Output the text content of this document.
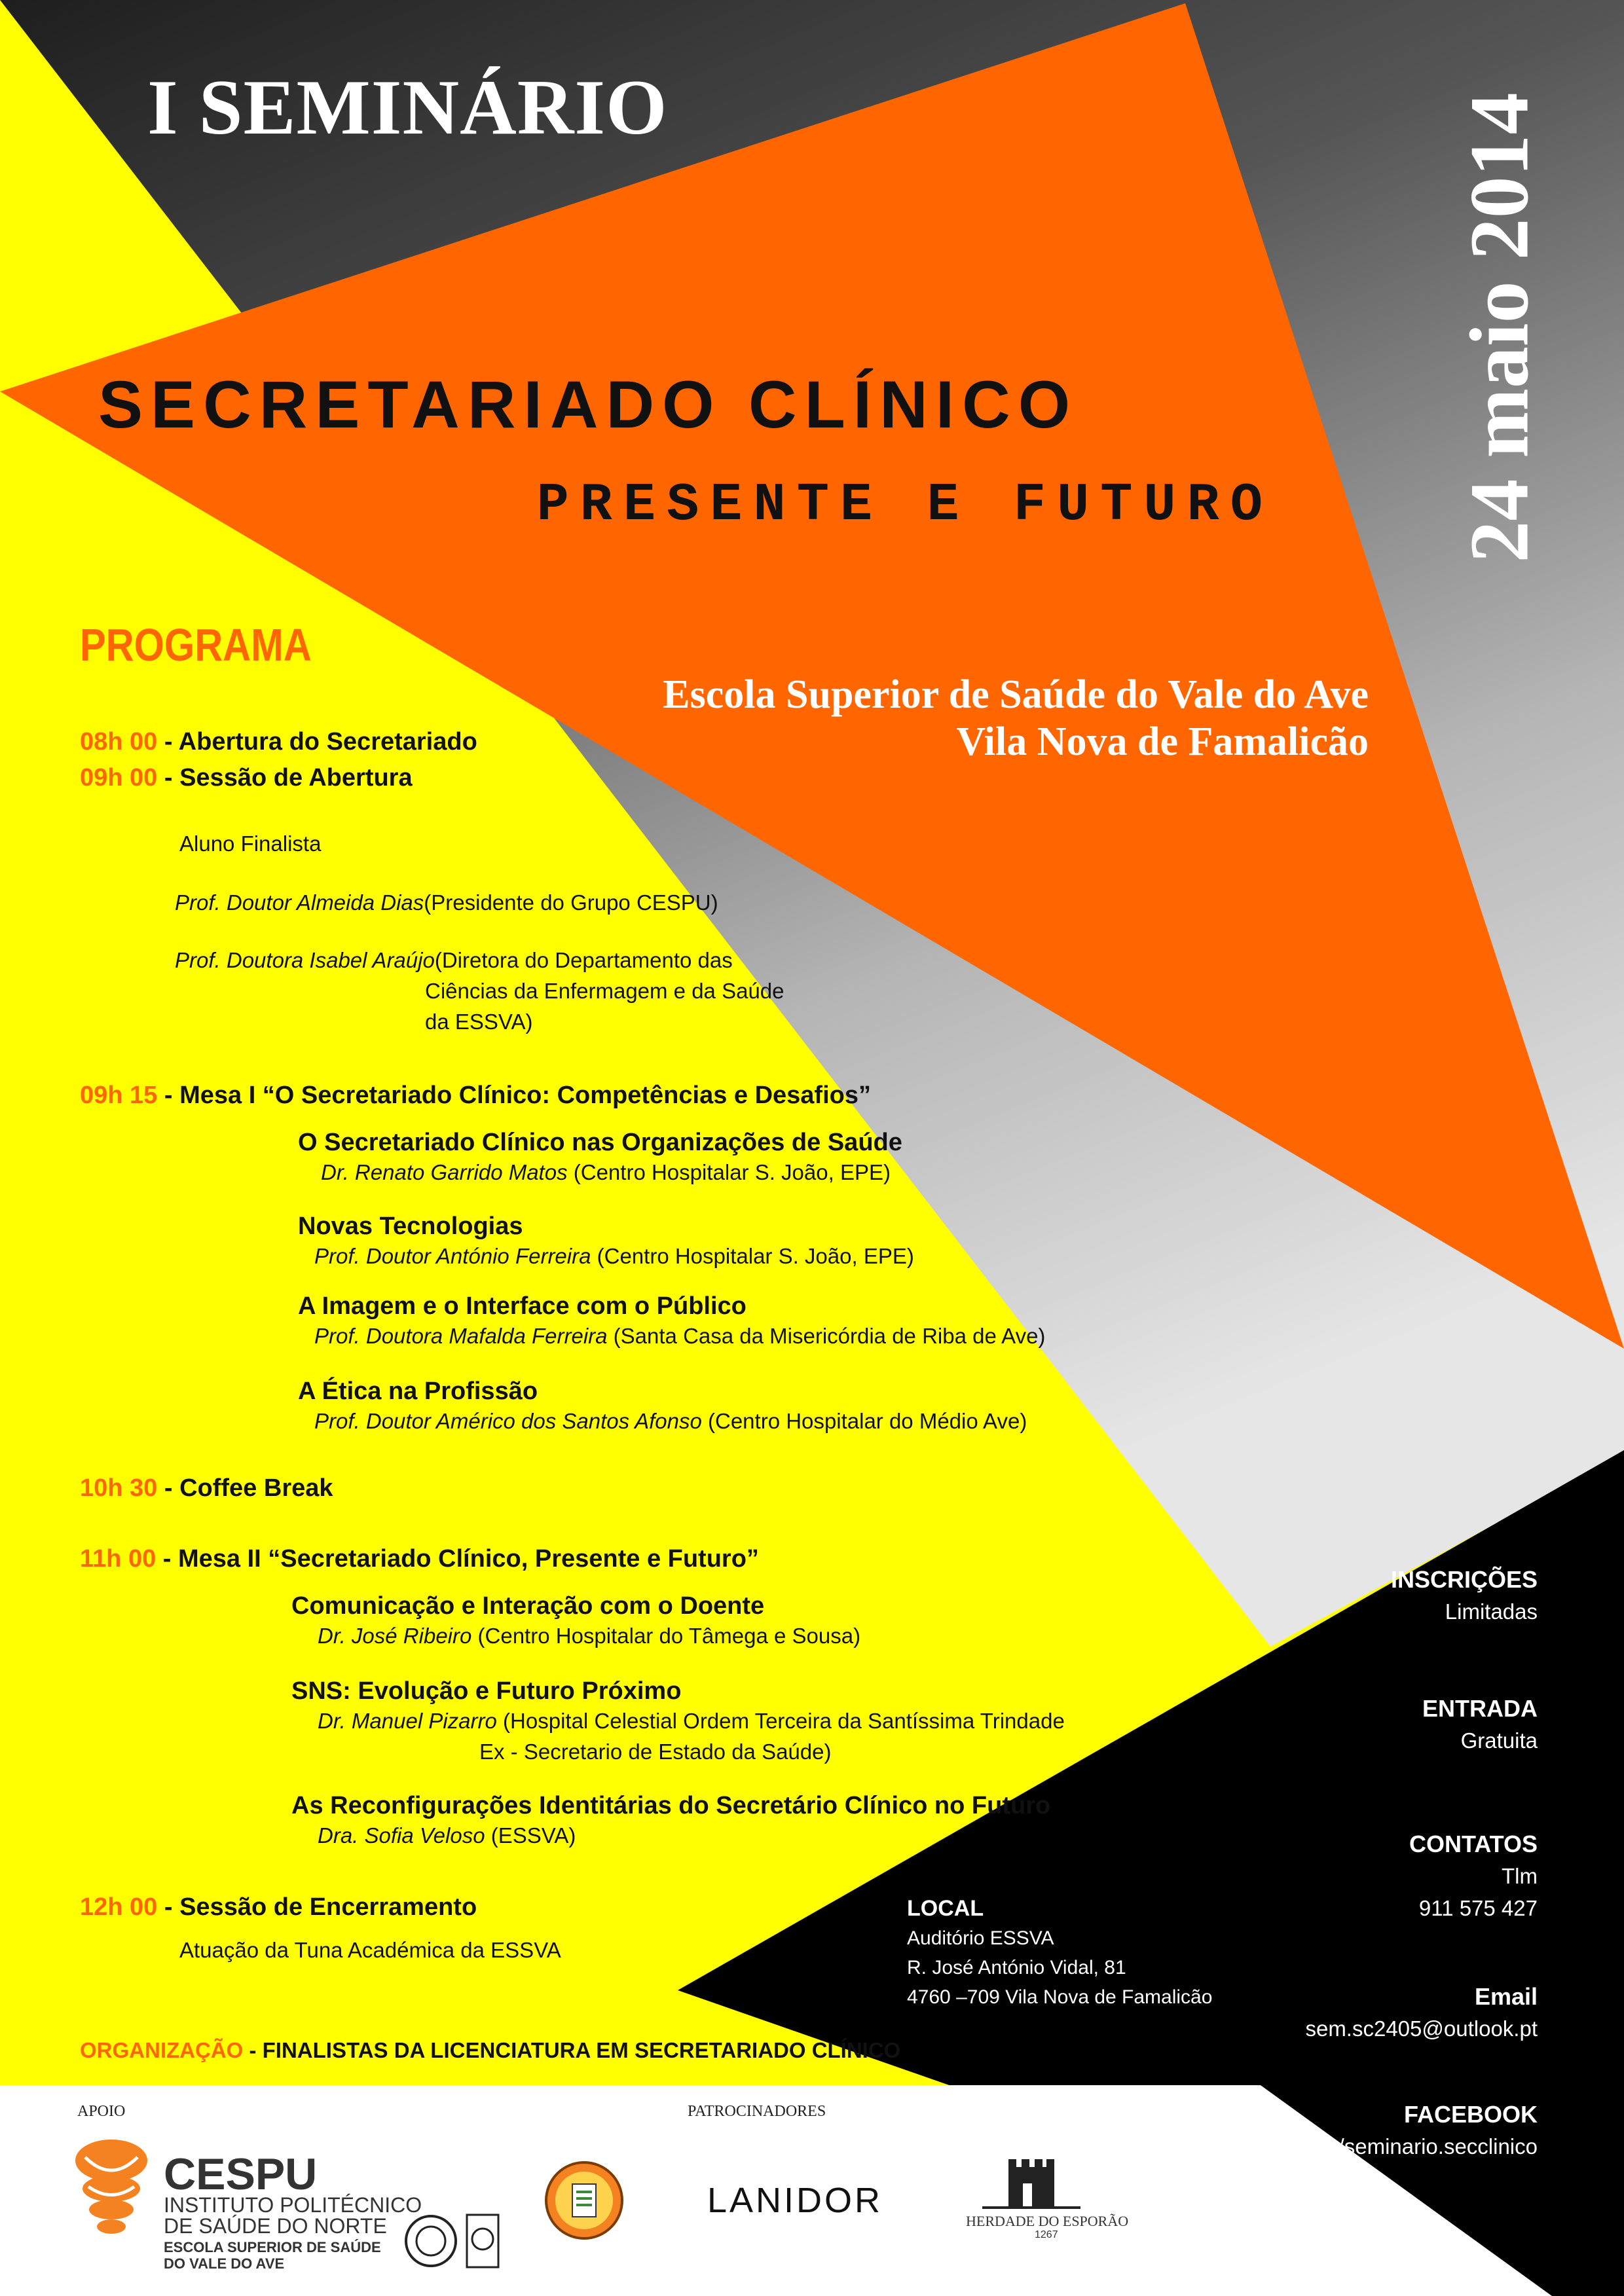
I SEMINÁRIO	24 maio 2014
SECRETARIADO CLÍNICO
PRESENTE E FUTURO
Escola Superior de Saúde do Vale do Ave
Vila Nova de Famalicão
PROGRAMA
08h 00 - Abertura do Secretariado
09h 00 - Sessão de Abertura
Aluno Finalista
Prof. Doutor Almeida Dias(Presidente do Grupo CESPU)
Prof. Doutora Isabel Araújo(Diretora do Departamento das
Ciências da Enfermagem e da Saúde
da ESSVA)
09h 15 - Mesa I “O Secretariado Clínico: Competências e Desafios”
O Secretariado Clínico nas Organizações de Saúde
Dr. Renato Garrido Matos (Centro Hospitalar S. João, EPE)
Novas Tecnologias
Prof. Doutor António Ferreira (Centro Hospitalar S. João, EPE)
A Imagem e o Interface com o Público
Prof. Doutora Mafalda Ferreira (Santa Casa da Misericórdia de Riba de Ave)
A Ética na Profissão
Prof. Doutor Américo dos Santos Afonso (Centro Hospitalar do Médio Ave)
10h 30 - Coffee Break
11h 00 - Mesa II “Secretariado Clínico, Presente e Futuro”
Comunicação e Interação com o Doente
Dr. José Ribeiro (Centro Hospitalar do Tâmega e Sousa)
SNS: Evolução e Futuro Próximo
Dr. Manuel Pizarro (Hospital Celestial Ordem Terceira da Santíssima Trindade
Ex - Secretario de Estado da Saúde)
As Reconfigurações Identitárias do Secretário Clínico no Futuro
Dra. Sofia Veloso (ESSVA)
12h 00 - Sessão de Encerramento
Atuação da Tuna Académica da ESSVA
INSCRIÇÕES
Limitadas
ENTRADA
Gratuita
CONTATOS
Tlm
911 575 427
Email
sem.sc2405@outlook.pt
FACEBOOK
www.facebook.com/seminario.secclinico
LOCAL
Auditório ESSVA
R. José António Vidal, 81
4760 –709 Vila Nova de Famalicão
ORGANIZAÇÃO - FINALISTAS DA LICENCIATURA EM SECRETARIADO CLÍNICO
APOIO	PATROCINADORES
CESPU
INSTITUTO POLITÉCNICO
DE SAÚDE DO NORTE
ESCOLA SUPERIOR DE SAÚDE
DO VALE DO AVE
LANIDOR
HERDADE DO ESPORÃO
1267
